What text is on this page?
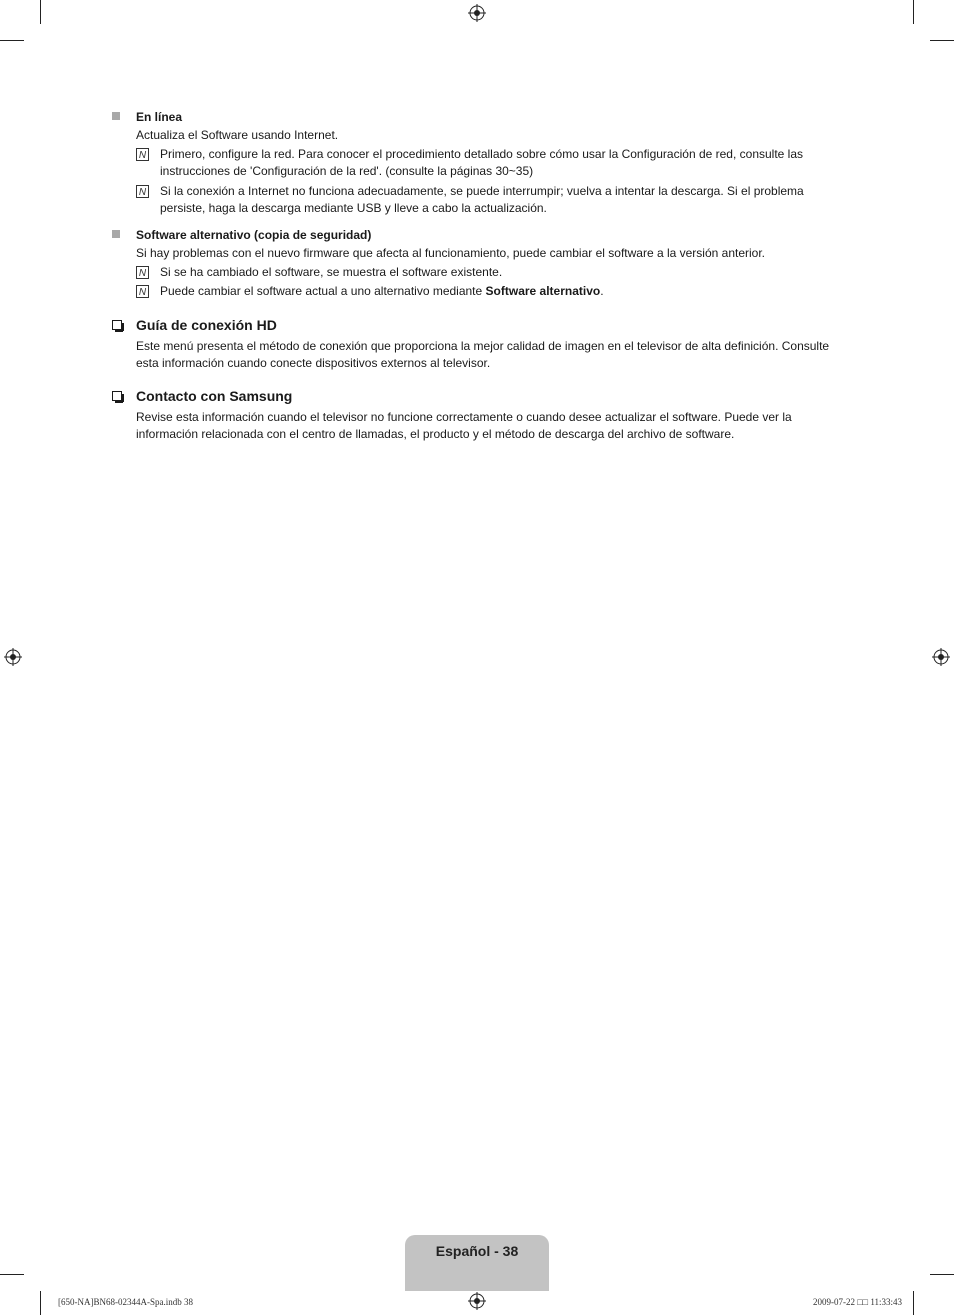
En línea
Actualiza el Software usando Internet.
N Primero, configure la red. Para conocer el procedimiento detallado sobre cómo usar la Configuración de red, consulte las instrucciones de 'Configuración de la red'. (consulte la páginas 30~35)
N Si la conexión a Internet no funciona adecuadamente, se puede interrumpir; vuelva a intentar la descarga. Si el problema persiste, haga la descarga mediante USB y lleve a cabo la actualización.
Software alternativo (copia de seguridad)
Si hay problemas con el nuevo firmware que afecta al funcionamiento, puede cambiar el software a la versión anterior.
N Si se ha cambiado el software, se muestra el software existente.
N Puede cambiar el software actual a uno alternativo mediante Software alternativo.
Guía de conexión HD
Este menú presenta el método de conexión que proporciona la mejor calidad de imagen en el televisor de alta definición. Consulte esta información cuando conecte dispositivos externos al televisor.
Contacto con Samsung
Revise esta información cuando el televisor no funcione correctamente o cuando desee actualizar el software. Puede ver la información relacionada con el centro de llamadas, el producto y el método de descarga del archivo de software.
Español - 38
[650-NA]BN68-02344A-Spa.indb 38	2009-07-22 □□ 11:33:43
